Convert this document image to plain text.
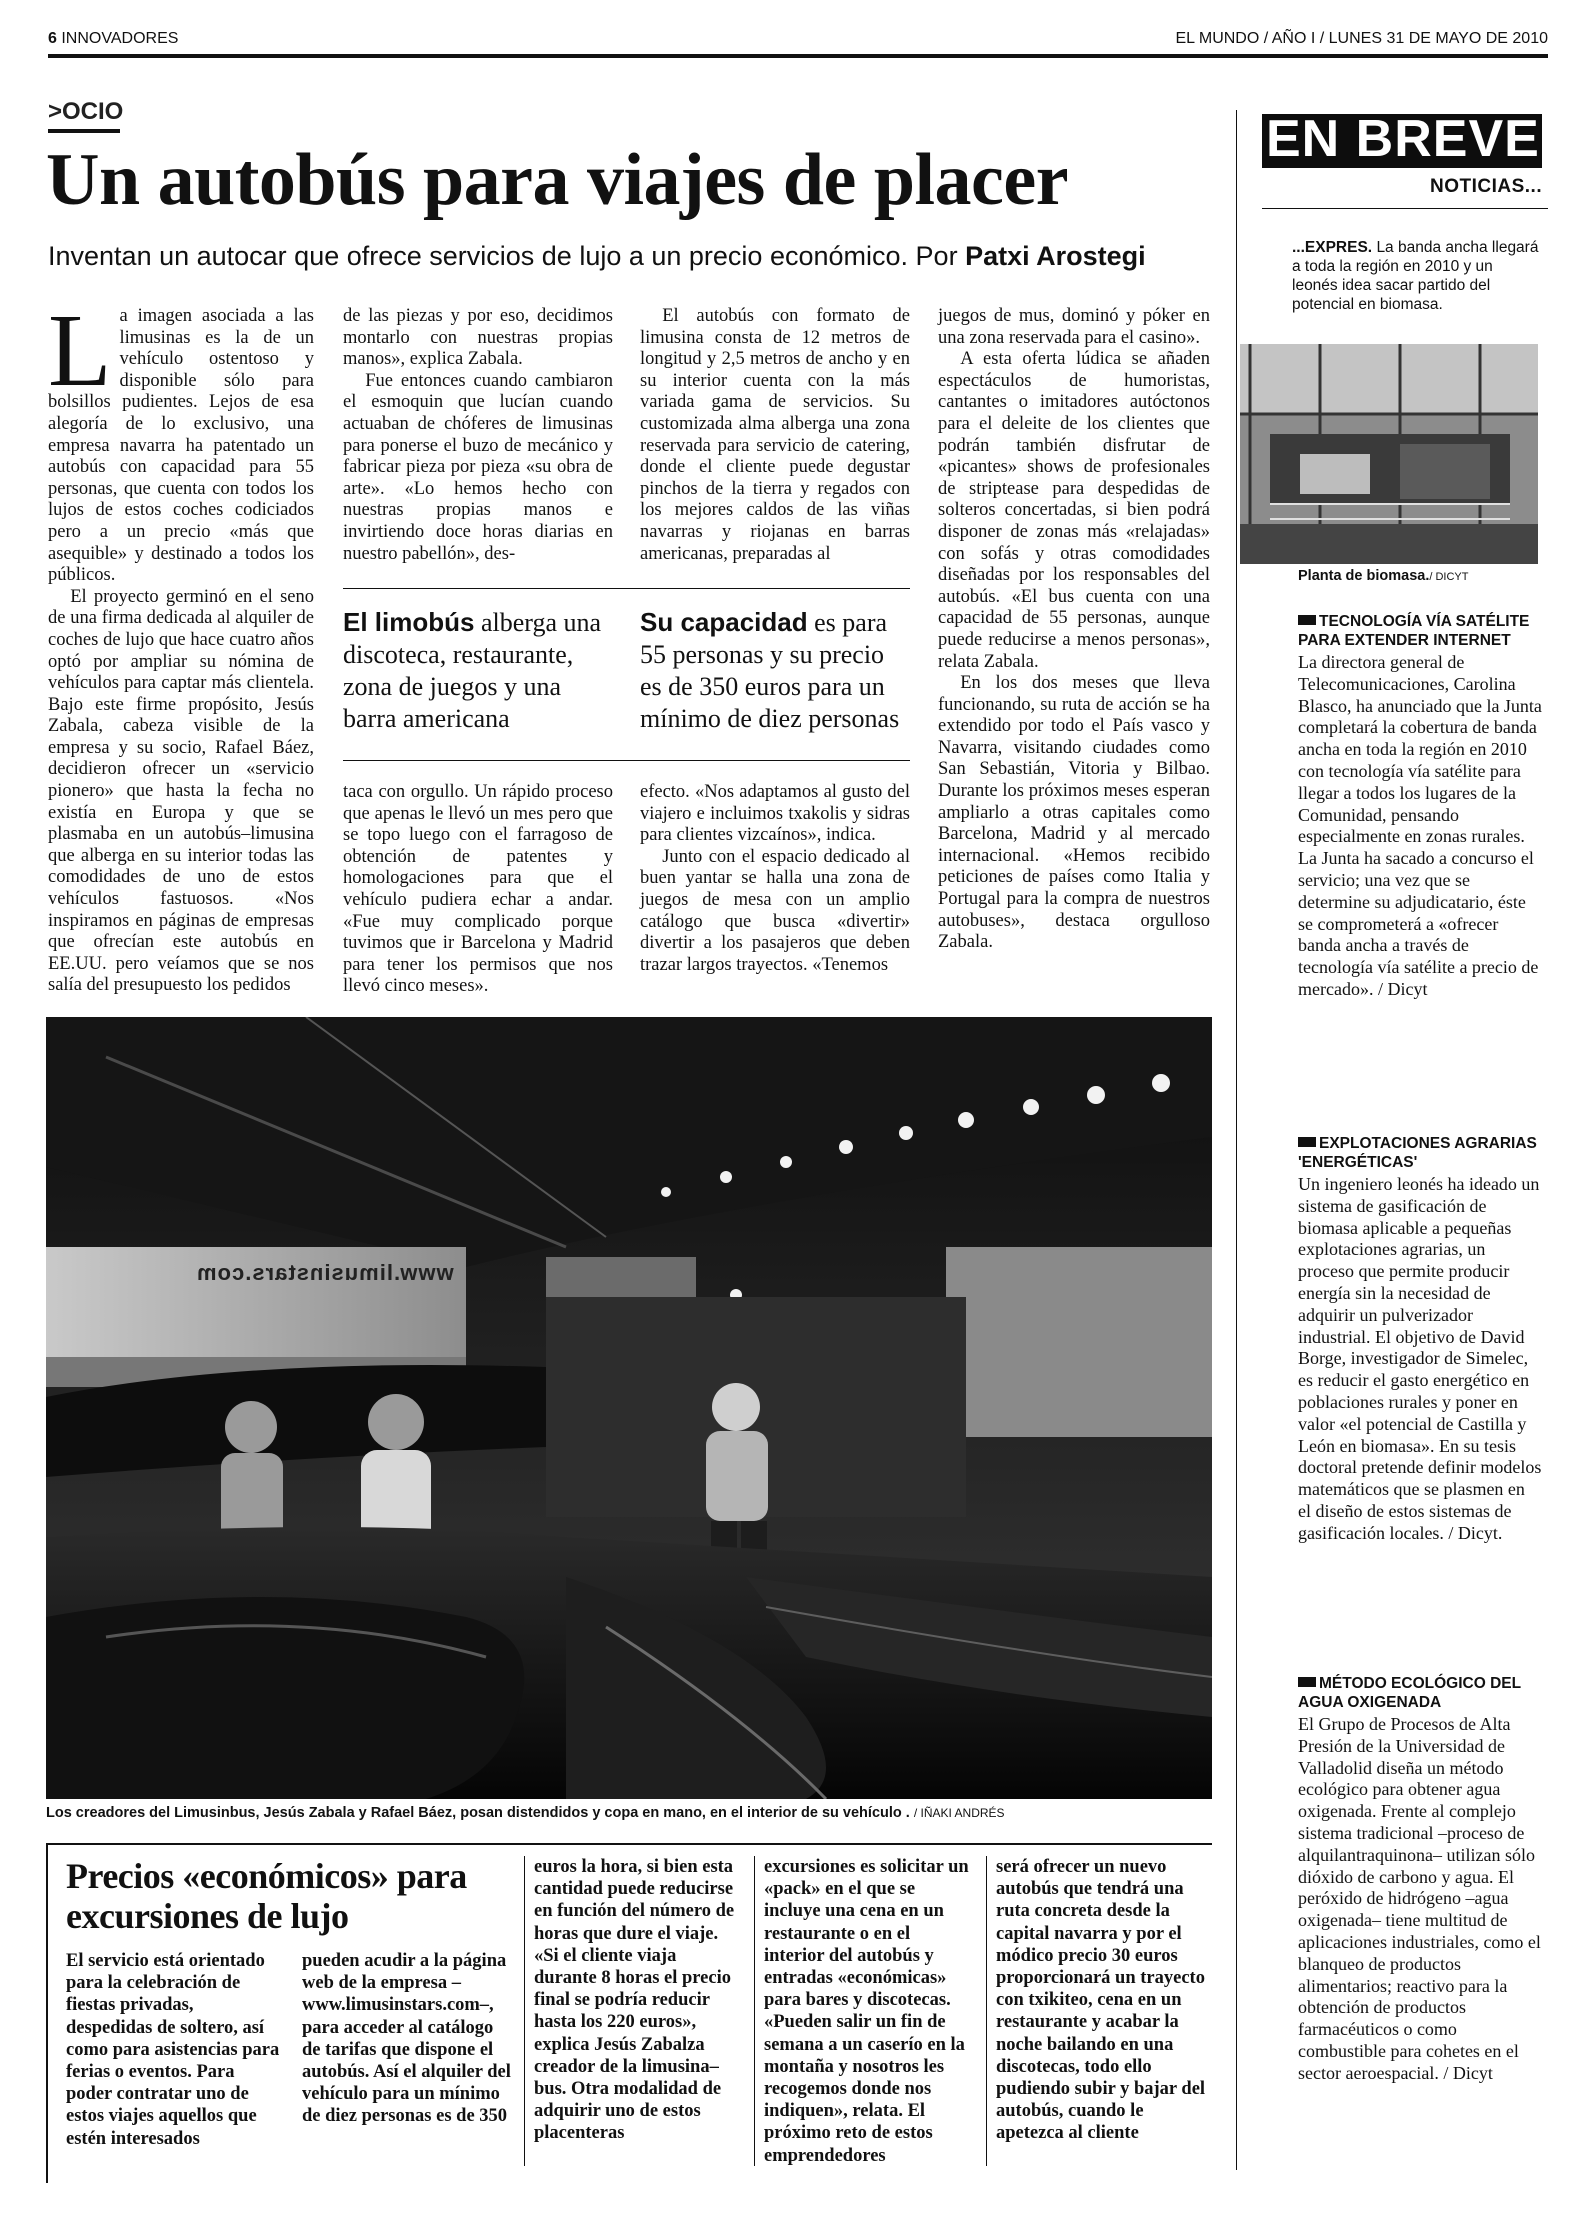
6 INNOVADORES	EL MUNDO / AÑO I / LUNES 31 DE MAYO DE 2010
>OCIO
Un autobús para viajes de placer
Inventan un autocar que ofrece servicios de lujo a un precio económico. Por Patxi Arostegi
L a imagen asociada a las limusinas es la de un vehículo ostentoso y disponible sólo para bolsillos pudientes. Lejos de esa alegoría de lo exclusivo, una empresa navarra ha patentado un autobús con capacidad para 55 personas, que cuenta con todos los lujos de estos coches codiciados pero a un precio «más que asequible» y destinado a todos los públicos.

El proyecto germinó en el seno de una firma dedicada al alquiler de coches de lujo que hace cuatro años optó por ampliar su nómina de vehículos para captar más clientela. Bajo este firme propósito, Jesús Zabala, cabeza visible de la empresa y su socio, Rafael Báez, decidieron ofrecer un «servicio pionero» que hasta la fecha no existía en Europa y que se plasmaba en un autobús–limusina que alberga en su interior todas las comodidades de uno de estos vehículos fastuosos. «Nos inspiramos en páginas de empresas que ofrecían este autobús en EE.UU. pero veíamos que se nos salía del presupuesto los pedidos

de las piezas y por eso, decidimos montarlo con nuestras propias manos», explica Zabala.

Fue entonces cuando cambiaron el esmoquin que lucían cuando actuaban de chóferes de limusinas para ponerse el buzo de mecánico y fabricar pieza por pieza «su obra de arte». «Lo hemos hecho con nuestras propias manos e invirtiendo doce horas diarias en nuestro pabellón», des-

El autobús con formato de limusina consta de 12 metros de longitud y 2,5 metros de ancho y en su interior cuenta con la más variada gama de servicios. Su customizada alma alberga una zona reservada para servicio de catering, donde el cliente puede degustar pinchos de la tierra y regados con los mejores caldos de las viñas navarras y riojanas en barras americanas, preparadas al

El limobús alberga una discoteca, restaurante, zona de juegos y una barra americana
Su capacidad es para 55 personas y su precio es de 350 euros para un mínimo de diez personas

taca con orgullo. Un rápido proceso que apenas le llevó un mes pero que se topo luego con el farragoso de obtención de patentes y homologaciones para que el vehículo pudiera echar a andar. «Fue muy complicado porque tuvimos que ir Barcelona y Madrid para tener los permisos que nos llevó cinco meses».

efecto. «Nos adaptamos al gusto del viajero e incluimos txakolis y sidras para clientes vizcaínos», indica.

Junto con el espacio dedicado al buen yantar se halla una zona de juegos de mesa con un amplio catálogo que busca «divertir» divertir a los pasajeros que deben trazar largos trayectos. «Tenemos

juegos de mus, dominó y póker en una zona reservada para el casino».

A esta oferta lúdica se añaden espectáculos de humoristas, cantantes o imitadores autóctonos para el deleite de los clientes que podrán también disfrutar de «picantes» shows de profesionales de striptease para despedidas de solteros concertadas, si bien podrá disponer de zonas más «relajadas» con sofás y otras comodidades diseñadas por los responsables del autobús. «El bus cuenta con una capacidad de 55 personas, aunque puede reducirse a menos personas», relata Zabala.

En los dos meses que lleva funcionando, su ruta de acción se ha extendido por todo el País vasco y Navarra, visitando ciudades como San Sebastián, Vitoria y Bilbao. Durante los próximos meses esperan ampliarlo a otras capitales como Barcelona, Madrid y al mercado internacional. «Hemos recibido peticiones de países como Italia y Portugal para la compra de nuestros autobuses», destaca orgulloso Zabala.

www.limusinstars.com
Los creadores del Limusinbus, Jesús Zabala y Rafael Báez, posan distendidos y copa en mano, en el interior de su vehículo . / IÑAKI ANDRÉS
Precios «económicos» para excursiones de lujo
El servicio está orientado para la celebración de fiestas privadas, despedidas de soltero, así como para asistencias para ferias o eventos. Para poder contratar uno de estos viajes aquellos que estén interesados
pueden acudir a la página web de la empresa –www.limusinstars.com–, para acceder al catálogo de tarifas que dispone el autobús. Así el alquiler del vehículo para un mínimo de diez personas es de 350
euros la hora, si bien esta cantidad puede reducirse en función del número de horas que dure el viaje. «Si el cliente viaja durante 8 horas el precio final se podría reducir hasta los 220 euros», explica Jesús Zabalza creador de la limusina–bus. Otra modalidad de adquirir uno de estos placenteras
excursiones es solicitar un «pack» en el que se incluye una cena en un restaurante o en el interior del autobús y entradas «económicas» para bares y discotecas. «Pueden salir un fin de semana a un caserío en la montaña y nosotros les recogemos donde nos indiquen», relata. El próximo reto de estos emprendedores
será ofrecer un nuevo autobús que tendrá una ruta concreta desde la capital navarra y por el módico precio 30 euros proporcionará un trayecto con txikiteo, cena en un restaurante y acabar la noche bailando en una discotecas, todo ello pudiendo subir y bajar del autobús, cuando le apetezca al cliente
EN BREVE
NOTICIAS...
...EXPRES. La banda ancha llegará a toda la región en 2010 y un leonés idea sacar partido del potencial en biomasa.
Planta de biomasa./ DICYT
TECNOLOGÍA VÍA SATÉLITE PARA EXTENDER INTERNET
La directora general de Telecomunicaciones, Carolina Blasco, ha anunciado que la Junta completará la cobertura de banda ancha en toda la región en 2010 con tecnología vía satélite para llegar a todos los lugares de la Comunidad, pensando especialmente en zonas rurales. La Junta ha sacado a concurso el servicio; una vez que se determine su adjudicatario, éste se comprometerá a «ofrecer banda ancha a través de tecnología vía satélite a precio de mercado». / Dicyt
EXPLOTACIONES AGRARIAS 'ENERGÉTICAS'
Un ingeniero leonés ha ideado un sistema de gasificación de biomasa aplicable a pequeñas explotaciones agrarias, un proceso que permite producir energía sin la necesidad de adquirir un pulverizador industrial. El objetivo de David Borge, investigador de Simelec, es reducir el gasto energético en poblaciones rurales y poner en valor «el potencial de Castilla y León en biomasa». En su tesis doctoral pretende definir modelos matemáticos que se plasmen en el diseño de estos sistemas de gasificación locales. / Dicyt.
MÉTODO ECOLÓGICO DEL AGUA OXIGENADA
El Grupo de Procesos de Alta Presión de la Universidad de Valladolid diseña un método ecológico para obtener agua oxigenada. Frente al complejo sistema tradicional –proceso de alquilantraquinona– utilizan sólo dióxido de carbono y agua. El peróxido de hidrógeno –agua oxigenada– tiene multitud de aplicaciones industriales, como el blanqueo de productos alimentarios; reactivo para la obtención de productos farmacéuticos o como combustible para cohetes en el sector aeroespacial. / Dicyt
